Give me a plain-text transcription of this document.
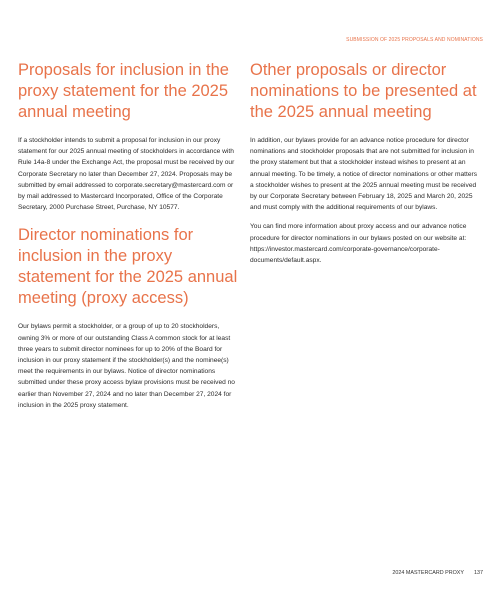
SUBMISSION OF 2025 PROPOSALS AND NOMINATIONS
Proposals for inclusion in the proxy statement for the 2025 annual meeting

If a stockholder intends to submit a proposal for inclusion in our proxy statement for our 2025 annual meeting of stockholders in accordance with Rule 14a-8 under the Exchange Act, the proposal must be received by our Corporate Secretary no later than December 27, 2024. Proposals may be submitted by email addressed to corporate.secretary@mastercard.com or by mail addressed to Mastercard Incorporated, Office of the Corporate Secretary, 2000 Purchase Street, Purchase, NY 10577.

Director nominations for inclusion in the proxy statement for the 2025 annual meeting (proxy access)

Our bylaws permit a stockholder, or a group of up to 20 stockholders, owning 3% or more of our outstanding Class A common stock for at least three years to submit director nominees for up to 20% of the Board for inclusion in our proxy statement if the stockholder(s) and the nominee(s) meet the requirements in our bylaws. Notice of director nominations submitted under these proxy access bylaw provisions must be received no earlier than November 27, 2024 and no later than December 27, 2024 for inclusion in the 2025 proxy statement.

Other proposals or director nominations to be presented at the 2025 annual meeting

In addition, our bylaws provide for an advance notice procedure for director nominations and stockholder proposals that are not submitted for inclusion in the proxy statement but that a stockholder instead wishes to present at an annual meeting. To be timely, a notice of director nominations or other matters a stockholder wishes to present at the 2025 annual meeting must be received by our Corporate Secretary between February 18, 2025 and March 20, 2025 and must comply with the additional requirements of our bylaws.

You can find more information about proxy access and our advance notice procedure for director nominations in our bylaws posted on our website at: https://investor.mastercard.com/corporate-governance/corporate-documents/default.aspx.

2024 MASTERCARD PROXY 137
